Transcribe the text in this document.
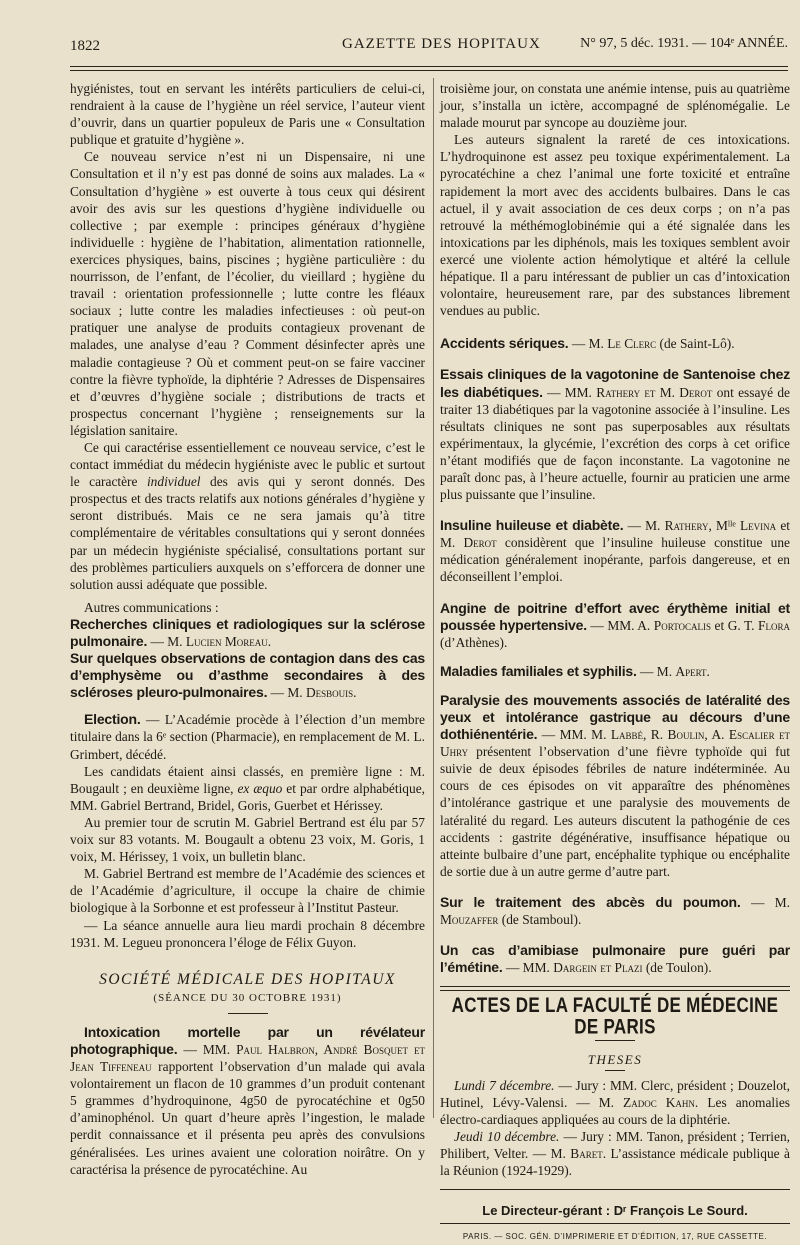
1822	GAZETTE DES HOPITAUX	N° 97, 5 déc. 1931. — 104ᵉ ANNÉE.

hygiénistes, tout en servant les intérêts particuliers de celui-ci, rendraient à la cause de l’hygiène un réel service, l’auteur vient d’ouvrir, dans un quartier populeux de Paris une « Consultation publique et gratuite d’hygiène ».

Ce nouveau service n’est ni un Dispensaire, ni une Consultation et il n’y est pas donné de soins aux malades. La « Consultation d’hygiène » est ouverte à tous ceux qui désirent avoir des avis sur les questions d’hygiène individuelle ou collective ; par exemple : principes généraux d’hygiène individuelle : hygiène de l’habitation, alimentation rationnelle, exercices physiques, bains, piscines ; hygiène particulière : du nourrisson, de l’enfant, de l’écolier, du vieillard ; hygiène du travail : orientation professionnelle ; lutte contre les fléaux sociaux ; lutte contre les maladies infectieuses : où peut-on pratiquer une analyse de produits contagieux provenant de malades, une analyse d’eau ? Comment désinfecter après une maladie contagieuse ? Où et comment peut-on se faire vacciner contre la fièvre typhoïde, la diphtérie ? Adresses de Dispensaires et d’œuvres d’hygiène sociale ; distributions de tracts et prospectus concernant l’hygiène ; renseignements sur la législation sanitaire.

Ce qui caractérise essentiellement ce nouveau service, c’est le contact immédiat du médecin hygiéniste avec le public et surtout le caractère individuel des avis qui y seront donnés. Des prospectus et des tracts relatifs aux notions générales d’hygiène y seront distribués. Mais ce ne sera jamais qu’à titre complémentaire de véritables consultations qui y seront données par un médecin hygiéniste spécialisé, consultations portant sur des problèmes particuliers auxquels on s’efforcera de donner une solution aussi adéquate que possible.

Autres communications :

Recherches cliniques et radiologiques sur la sclérose pulmonaire. — M. Lucien Moreau.

Sur quelques observations de contagion dans des cas d’emphysème ou d’asthme secondaires à des scléroses pleuro-pulmonaires. — M. Desbouis.

Election. — L’Académie procède à l’élection d’un membre titulaire dans la 6ᵉ section (Pharmacie), en remplacement de M. L. Grimbert, décédé.

Les candidats étaient ainsi classés, en première ligne : M. Bougault ; en deuxième ligne, ex æquo et par ordre alphabétique, MM. Gabriel Bertrand, Bridel, Goris, Guerbet et Hérissey.

Au premier tour de scrutin M. Gabriel Bertrand est élu par 57 voix sur 83 votants. M. Bougault a obtenu 23 voix, M. Goris, 1 voix, M. Hérissey, 1 voix, un bulletin blanc.

M. Gabriel Bertrand est membre de l’Académie des sciences et de l’Académie d’agriculture, il occupe la chaire de chimie biologique à la Sorbonne et est professeur à l’Institut Pasteur.

— La séance annuelle aura lieu mardi prochain 8 décembre 1931. M. Legueu prononcera l’éloge de Félix Guyon.

SOCIÉTÉ MÉDICALE DES HOPITAUX
(SÉANCE DU 30 OCTOBRE 1931)

Intoxication mortelle par un révélateur photographique. — MM. Paul Halbron, André Bosquet et Jean Tiffeneau rapportent l’observation d’un malade qui avala volontairement un flacon de 10 grammes d’un produit contenant 5 grammes d’hydroquinone, 4g50 de pyrocatéchine et 0g50 d’aminophénol. Un quart d’heure après l’ingestion, le malade perdit connaissance et il présenta peu après des convulsions généralisées. Les urines avaient une coloration noirâtre. On y caractérisa la présence de pyrocatéchine. Au

troisième jour, on constata une anémie intense, puis au quatrième jour, s’installa un ictère, accompagné de splénomégalie. Le malade mourut par syncope au douzième jour.

Les auteurs signalent la rareté de ces intoxications. L’hydroquinone est assez peu toxique expérimentalement. La pyrocatéchine a chez l’animal une forte toxicité et entraîne rapidement la mort avec des accidents bulbaires. Dans le cas actuel, il y avait association de ces deux corps ; on n’a pas retrouvé la méthémoglobinémie qui a été signalée dans les intoxications par les diphénols, mais les toxiques semblent avoir exercé une violente action hémolytique et altéré la cellule hépatique. Il a paru intéressant de publier un cas d’intoxication volontaire, heureusement rare, par des substances librement vendues au public.

Accidents sériques. — M. Le Clerc (de Saint-Lô).

Essais cliniques de la vagotonine de Santenoise chez les diabétiques. — MM. Rathery et M. Derot ont essayé de traiter 13 diabétiques par la vagotonine associée à l’insuline. Les résultats cliniques ne sont pas superposables aux résultats expérimentaux, la glycémie, l’excrétion des corps à cet orifice n’étant modifiés que de façon inconstante. La vagotonine ne paraît donc pas, à l’heure actuelle, fournir au praticien une arme plus puissante que l’insuline.

Insuline huileuse et diabète. — M. Rathery, Mˡˡᵉ Levina et M. Derot considèrent que l’insuline huileuse constitue une médication généralement inopérante, parfois dangereuse, et en déconseillent l’emploi.

Angine de poitrine d’effort avec érythème initial et poussée hypertensive. — MM. A. Portocalis et G. T. Flora (d’Athènes).

Maladies familiales et syphilis. — M. Apert.

Paralysie des mouvements associés de latéralité des yeux et intolérance gastrique au décours d’une dothiénentérie. — MM. M. Labbé, R. Boulin, A. Escalier et Uhry présentent l’observation d’une fièvre typhoïde qui fut suivie de deux épisodes fébriles de nature indéterminée. Au cours de ces épisodes on vit apparaître des phénomènes d’intolérance gastrique et une paralysie des mouvements de latéralité du regard. Les auteurs discutent la pathogénie de ces accidents : gastrite dégénérative, insuffisance hépatique ou atteinte bulbaire d’une part, encéphalite typhique ou encéphalite de sortie due à un autre germe d’autre part.

Sur le traitement des abcès du poumon. — M. Mouzaffer (de Stamboul).

Un cas d’amibiase pulmonaire pure guéri par l’émétine. — MM. Dargein et Plazi (de Toulon).

ACTES DE LA FACULTÉ DE MÉDECINE DE PARIS
THESES

Lundi 7 décembre. — Jury : MM. Clerc, président ; Douzelot, Hutinel, Lévy-Valensi. — M. Zadoc Kahn. Les anomalies électro-cardiaques appliquées au cours de la diphtérie.

Jeudi 10 décembre. — Jury : MM. Tanon, président ; Terrien, Philibert, Velter. — M. Baret. L’assistance médicale publique à la Réunion (1924-1929).

Le Directeur-gérant : Dʳ François Le Sourd.
PARIS. — SOC. GÉN. D’IMPRIMERIE ET D’ÉDITION, 17, RUE CASSETTE.
